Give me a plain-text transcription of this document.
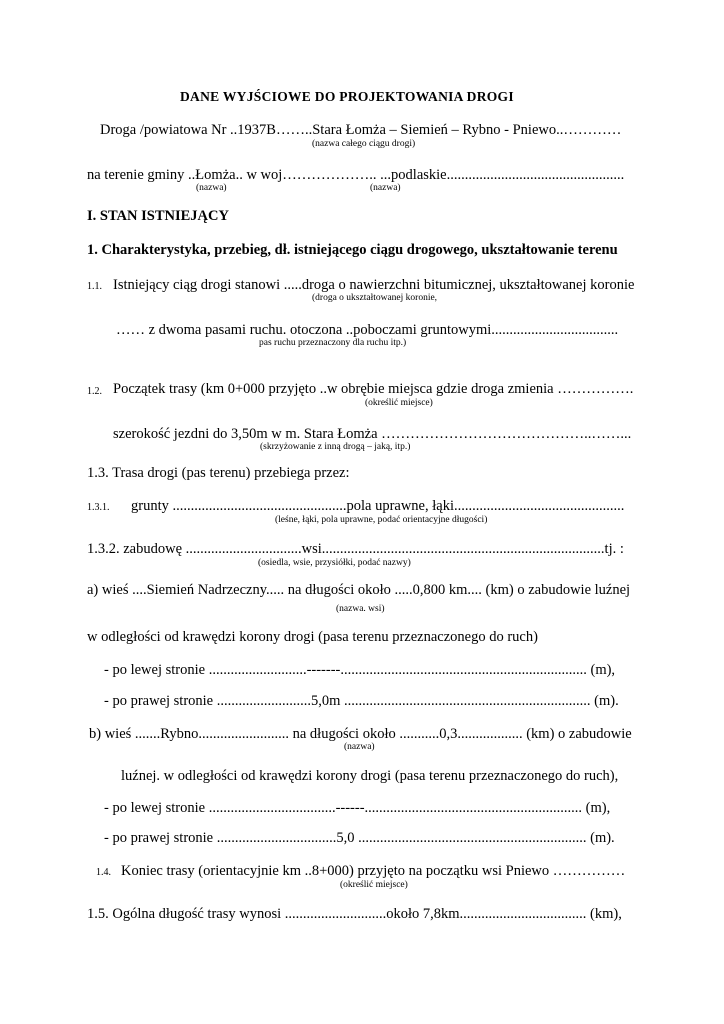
DANE WYJŚCIOWE DO PROJEKTOWANIA DROGI
Droga /powiatowa Nr ..1937B……..Stara Łomża – Siemień – Rybno - Pniewo..…………
(nazwa całego ciągu drogi)
na terenie gminy ..Łomża.. w woj……………….. ...podlaskie.................................................
(nazwa)	(nazwa)
I. STAN ISTNIEJĄCY
1. Charakterystyka, przebieg, dł. istniejącego ciągu drogowego, ukształtowanie terenu
1.1. Istniejący ciąg drogi stanowi .....droga o nawierzchni bitumicznej, ukształtowanej koronie
(droga o ukształtowanej koronie,
…… z dwoma pasami ruchu. otoczona ..poboczami gruntowymi...................................
pas ruchu przeznaczony dla ruchu itp.)
1.2. Początek trasy (km 0+000 przyjęto ..w obrębie miejsca gdzie droga zmienia …………….
(określić miejsce)
szerokość jezdni do 3,50m w m. Stara Łomża ……………………………………..……...
(skrzyżowanie z inną drogą – jaką, itp.)
1.3. Trasa drogi (pas terenu) przebiega przez:
1.3.1. grunty ................................................pola uprawne, łąki...............................................
(leśne, łąki, pola uprawne, podać orientacyjne długości)
1.3.2. zabudowę ................................wsi..............................................................................tj. :
(osiedla, wsie, przysiółki, podać nazwy)
a) wieś ....Siemień Nadrzeczny..... na długości około .....0,800 km.... (km) o zabudowie luźnej
(nazwa. wsi)
w odległości od krawędzi korony drogi (pasa terenu przeznaczonego do ruch)
- po lewej stronie ...........................-------.................................................................... (m),
- po prawej stronie ..........................5,0m .................................................................... (m).
b) wieś .......Rybno......................... na długości około ...........0,3.................. (km) o zabudowie
(nazwa)
luźnej. w odległości od krawędzi korony drogi (pasa terenu przeznaczonego do ruch),
- po lewej stronie ...................................------............................................................ (m),
- po prawej stronie .................................5,0 ............................................................... (m).
1.4. Koniec trasy (orientacyjnie km ..8+000) przyjęto na początku wsi Pniewo ……………
(określić miejsce)
1.5. Ogólna długość trasy wynosi ............................około 7,8km................................... (km),
